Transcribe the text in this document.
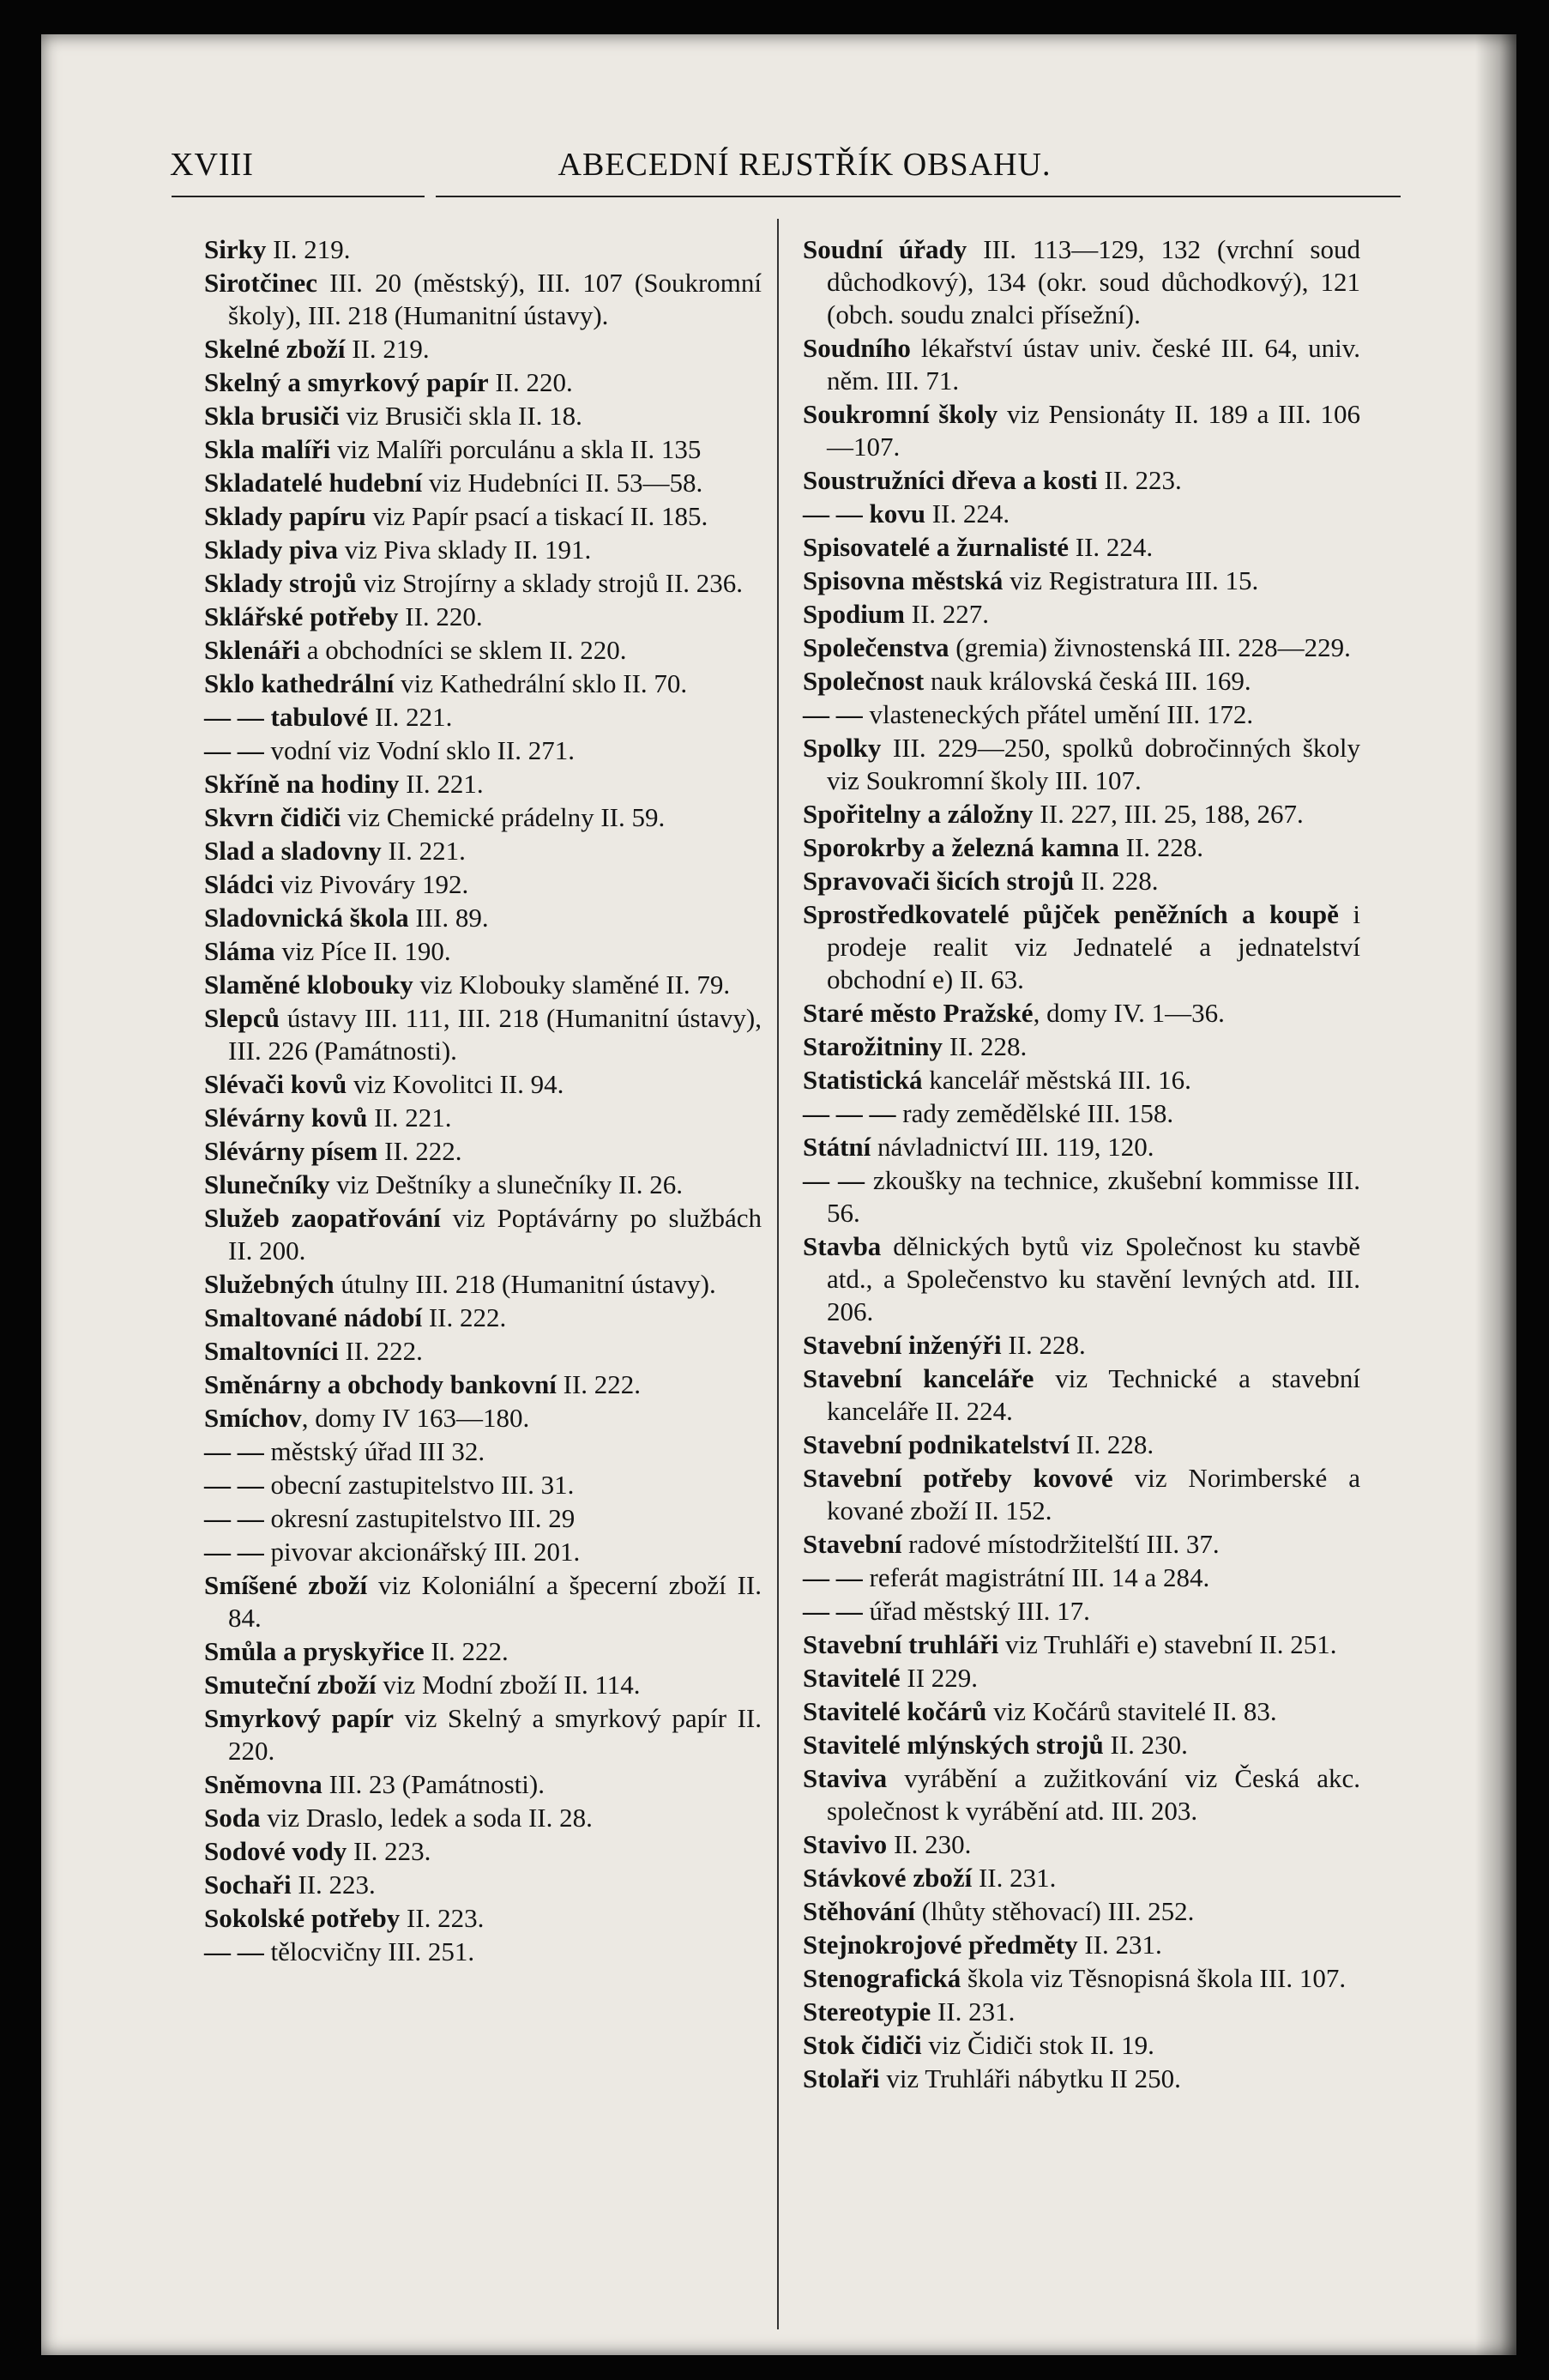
XVIII	ABECEDNÍ REJSTŘÍK OBSAHU.
Sirky II. 219.
Sirotčinec III. 20 (městský), III. 107 (Soukromní školy), III. 218 (Humanitní ústavy).
Skelné zboží II. 219.
Skelný a smyrkový papír II. 220.
Skla brusiči viz Brusiči skla II. 18.
Skla malíři viz Malíři porculánu a skla II. 135
Skladatelé hudební viz Hudebníci II. 53—58.
Sklady papíru viz Papír psací a tiskací II. 185.
Sklady piva viz Piva sklady II. 191.
Sklady strojů viz Strojírny a sklady strojů II. 236.
Sklářské potřeby II. 220.
Sklenáři a obchodníci se sklem II. 220.
Sklo kathedrální viz Kathedrální sklo II. 70.
— — tabulové II. 221.
— — vodní viz Vodní sklo II. 271.
Skříně na hodiny II. 221.
Skvrn čidiči viz Chemické prádelny II. 59.
Slad a sladovny II. 221.
Sládci viz Pivováry 192.
Sladovnická škola III. 89.
Sláma viz Píce II. 190.
Slaměné klobouky viz Klobouky slaměné II. 79.
Slepců ústavy III. 111, III. 218 (Humanitní ústavy), III. 226 (Památnosti).
Slévači kovů viz Kovolitci II. 94.
Slévárny kovů II. 221.
Slévárny písem II. 222.
Slunečníky viz Deštníky a slunečníky II. 26.
Služeb zaopatřování viz Poptávárny po službách II. 200.
Služebných útulny III. 218 (Humanitní ústavy).
Smaltované nádobí II. 222.
Smaltovníci II. 222.
Směnárny a obchody bankovní II. 222.
Smíchov, domy IV 163—180.
— — městský úřad III 32.
— — obecní zastupitelstvo III. 31.
— — okresní zastupitelstvo III. 29
— — pivovar akcionářský III. 201.
Smíšené zboží viz Koloniální a špecerní zboží II. 84.
Smůla a pryskyřice II. 222.
Smuteční zboží viz Modní zboží II. 114.
Smyrkový papír viz Skelný a smyrkový papír II. 220.
Sněmovna III. 23 (Památnosti).
Soda viz Draslo, ledek a soda II. 28.
Sodové vody II. 223.
Sochaři II. 223.
Sokolské potřeby II. 223.
— — tělocvičny III. 251.
Soudní úřady III. 113—129, 132 (vrchní soud důchodkový), 134 (okr. soud důchodkový), 121 (obch. soudu znalci přísežní).
Soudního lékařství ústav univ. české III. 64, univ. něm. III. 71.
Soukromní školy viz Pensionáty II. 189 a III. 106—107.
Soustružníci dřeva a kosti II. 223.
— — kovu II. 224.
Spisovatelé a žurnalisté II. 224.
Spisovna městská viz Registratura III. 15.
Spodium II. 227.
Společenstva (gremia) živnostenská III. 228—229.
Společnost nauk královská česká III. 169.
— — vlasteneckých přátel umění III. 172.
Spolky III. 229—250, spolků dobročinných školy viz Soukromní školy III. 107.
Spořitelny a záložny II. 227, III. 25, 188, 267.
Sporokrby a železná kamna II. 228.
Spravovači šicích strojů II. 228.
Sprostředkovatelé půjček peněžních a koupě i prodeje realit viz Jednatelé a jednatelství obchodní e) II. 63.
Staré město Pražské, domy IV. 1—36.
Starožitniny II. 228.
Statistická kancelář městská III. 16.
— — — rady zemědělské III. 158.
Státní návladnictví III. 119, 120.
— — zkoušky na technice, zkušební kommisse III. 56.
Stavba dělnických bytů viz Společnost ku stavbě atd., a Společenstvo ku stavění levných atd. III. 206.
Stavební inženýři II. 228.
Stavební kanceláře viz Technické a stavební kanceláře II. 224.
Stavební podnikatelství II. 228.
Stavební potřeby kovové viz Norimberské a kované zboží II. 152.
Stavební radové místodržitelští III. 37.
— — referát magistrátní III. 14 a 284.
— — úřad městský III. 17.
Stavební truhláři viz Truhláři e) stavební II. 251.
Stavitelé II 229.
Stavitelé kočárů viz Kočárů stavitelé II. 83.
Stavitelé mlýnských strojů II. 230.
Staviva vyrábění a zužitkování viz Česká akc. společnost k vyrábění atd. III. 203.
Stavivo II. 230.
Stávkové zboží II. 231.
Stěhování (lhůty stěhovací) III. 252.
Stejnokrojové předměty II. 231.
Stenografická škola viz Těsnopisná škola III. 107.
Stereotypie II. 231.
Stok čidiči viz Čidiči stok II. 19.
Stolaři viz Truhláři nábytku II 250.
